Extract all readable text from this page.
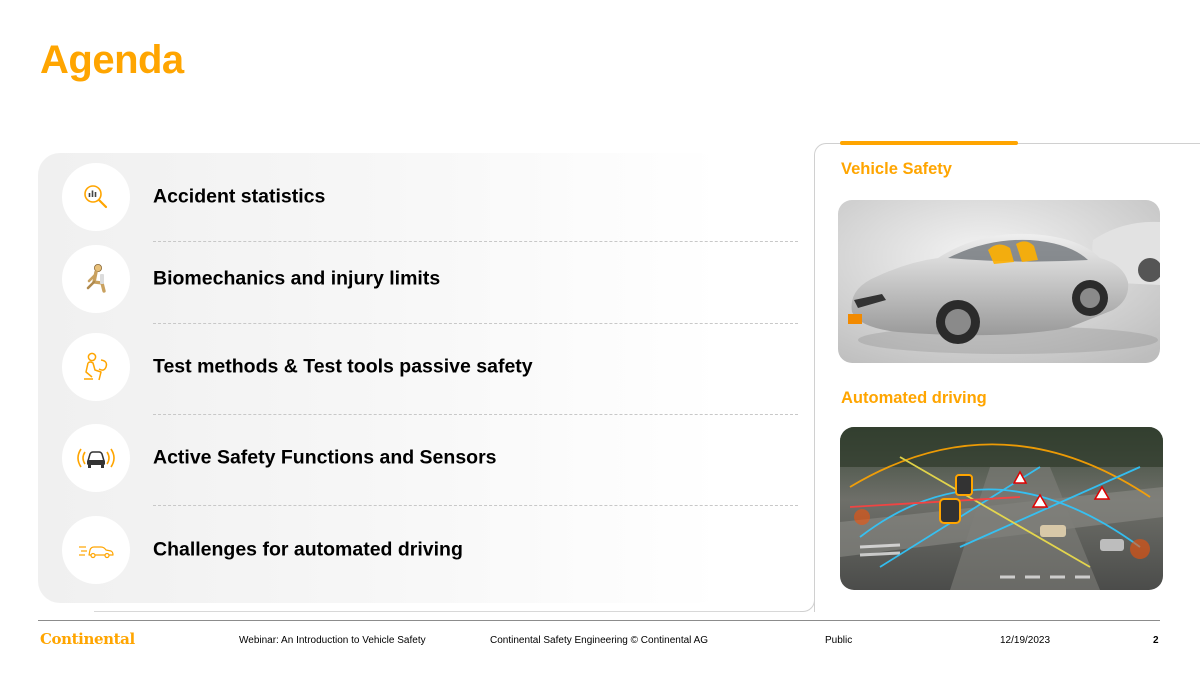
Agenda
Accident statistics
Biomechanics and injury limits
Test methods & Test tools passive safety
Active Safety Functions and Sensors
Challenges for automated driving
Vehicle Safety
Automated driving
Continental	Webinar: An Introduction to Vehicle Safety	Continental Safety Engineering © Continental AG	Public	12/19/2023	2
